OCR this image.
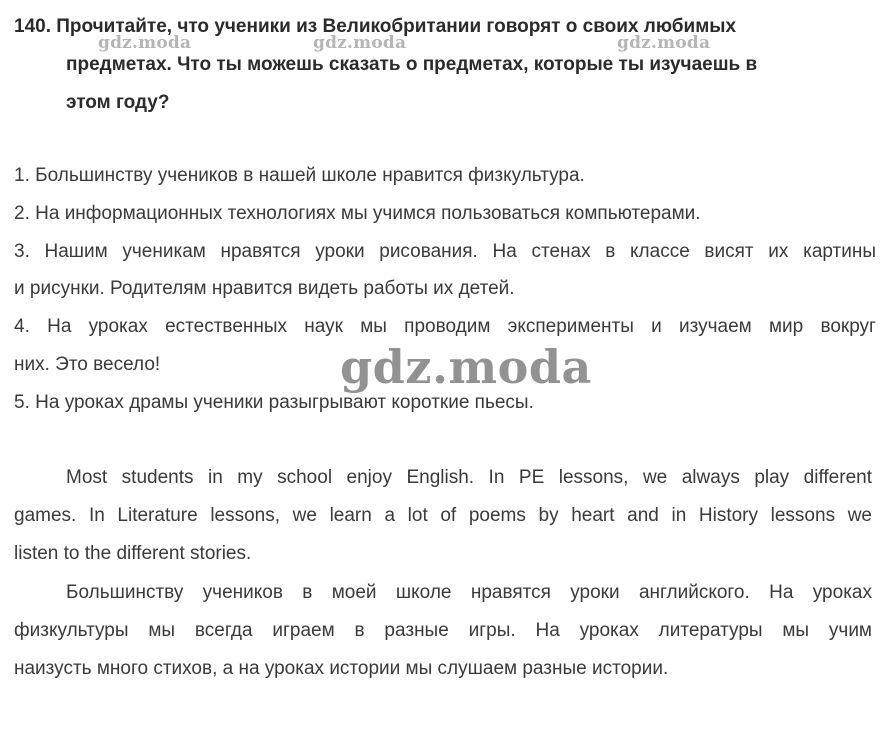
140. Прочитайте, что ученики из Великобритании говорят о своих любимых
предметах. Что ты можешь сказать о предметах, которые ты изучаешь в
этом году?
1. Большинству учеников в нашей школе нравится физкультура.
2. На информационных технологиях мы учимся пользоваться компьютерами.
3. Нашим ученикам нравятся уроки рисования. На стенах в классе висят их картины
и рисунки. Родителям нравится видеть работы их детей.
4. На уроках естественных наук мы проводим эксперименты и изучаем мир вокруг
них. Это весело!
5. На уроках драмы ученики разыгрывают короткие пьесы.
Most students in my school enjoy English. In PE lessons, we always play different
games. In Literature lessons, we learn a lot of poems by heart and in History lessons we
listen to the different stories.
Большинству учеников в моей школе нравятся уроки английского. На уроках
физкультуры мы всегда играем в разные игры. На уроках литературы мы учим
наизусть много стихов, а на уроках истории мы слушаем разные истории.
gdz.moda	gdz.moda	gdz.moda
gdz.moda
